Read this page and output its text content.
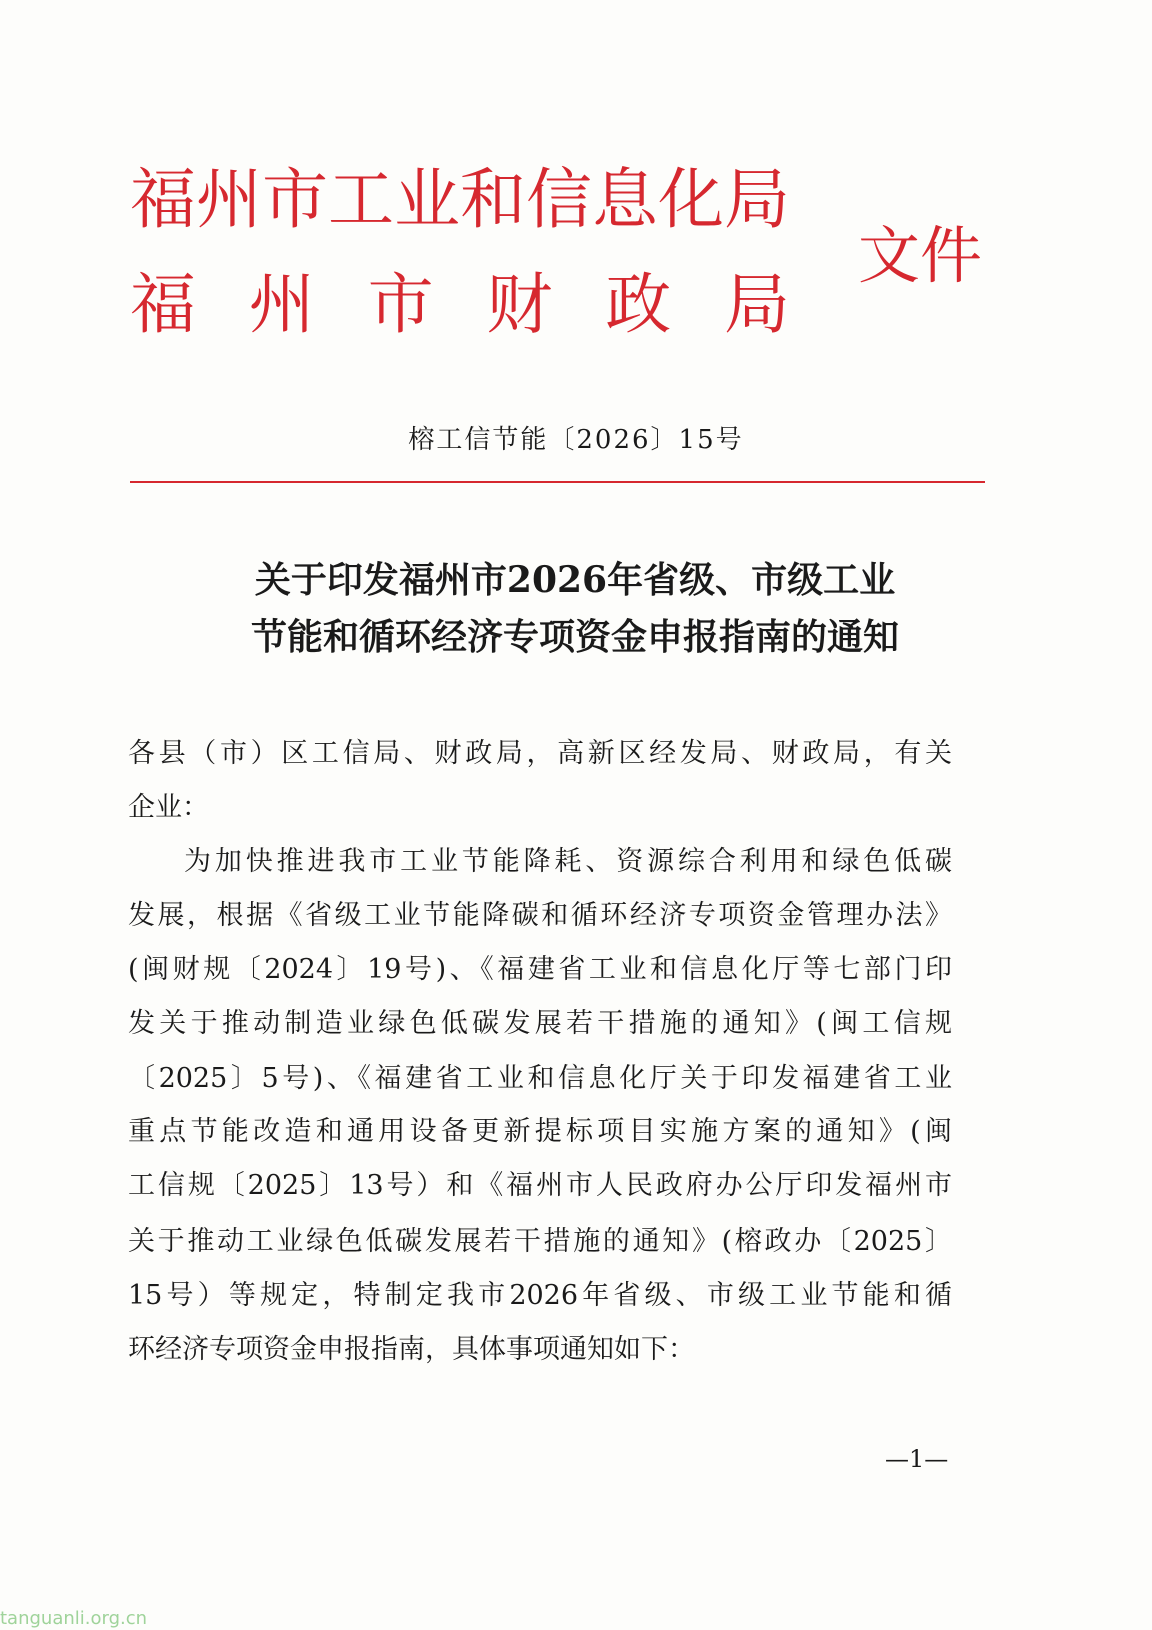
福州市工业和信息化局
福州市财政局
文件
榕工信节能〔2026〕15号
关于印发福州市2026年省级、市级工业
节能和循环经济专项资金申报指南的通知
各县（市）区工信局、财政局，高新区经发局、财政局，有关
企业：
为加快推进我市工业节能降耗、资源综合利用和绿色低碳
发展，根据《省级工业节能降碳和循环经济专项资金管理办法》
(闽财规〔2024〕19号)、《福建省工业和信息化厅等七部门印
发关于推动制造业绿色低碳发展若干措施的通知》(闽工信规
〔2025〕5号)、《福建省工业和信息化厅关于印发福建省工业
重点节能改造和通用设备更新提标项目实施方案的通知》(闽
工信规〔2025〕13号）和《福州市人民政府办公厅印发福州市
关于推动工业绿色低碳发展若干措施的通知》(榕政办〔2025〕
15号）等规定，特制定我市2026年省级、市级工业节能和循
环经济专项资金申报指南，具体事项通知如下：
—1—
tanguanli.org.cn
